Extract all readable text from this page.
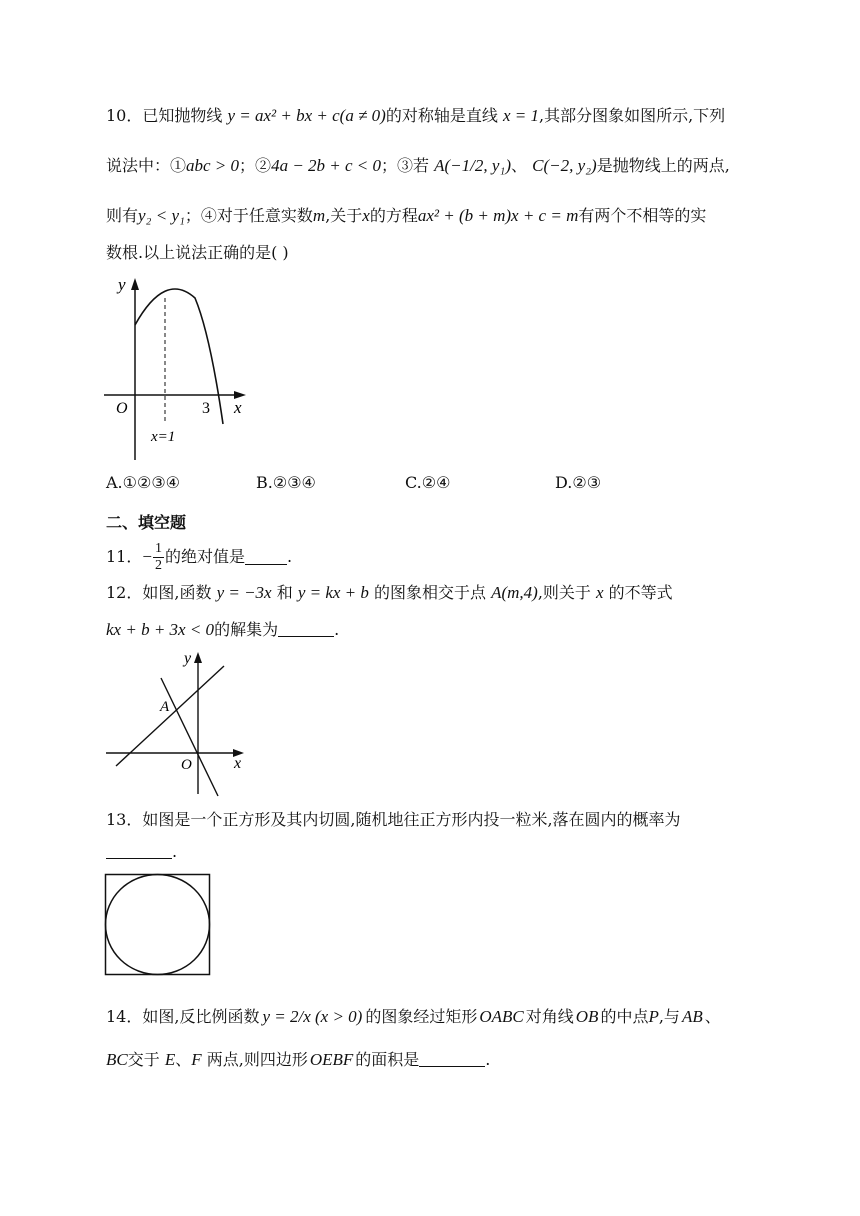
10．已知抛物线 y = ax² + bx + c(a ≠ 0)的对称轴是直线 x = 1,其部分图象如图所示,下列
说法中：①abc > 0；②4a − 2b + c < 0；③若 A(−1/2, y₁)、 C(−2, y₂)是抛物线上的两点,
则有y₂ < y₁；④对于任意实数m,关于x的方程ax² + (b + m)x + c = m有两个不相等的实
数根.以上说法正确的是( )
y
x
O	3
x=1
A.①②③④	B.②③④	C.②④	D.②③
二、填空题
11． − $\frac{1}{2}$ 的绝对值是	.
12．如图,函数 y = −3x 和 y = kx + b 的图象相交于点 A(m,4),则关于 x 的不等式
kx + b + 3x < 0的解集为	.
y
x
O
A
13．如图是一个正方形及其内切圆,随机地往正方形内投一粒米,落在圆内的概率为
.
14． 如图,反比例函数 y = 2/x (x > 0) 的图象经过矩形 OABC 对角线 OB 的中点 P ,与 AB 、
BC交于 E、F 两点,则四边形 OEBF 的面积是	.
